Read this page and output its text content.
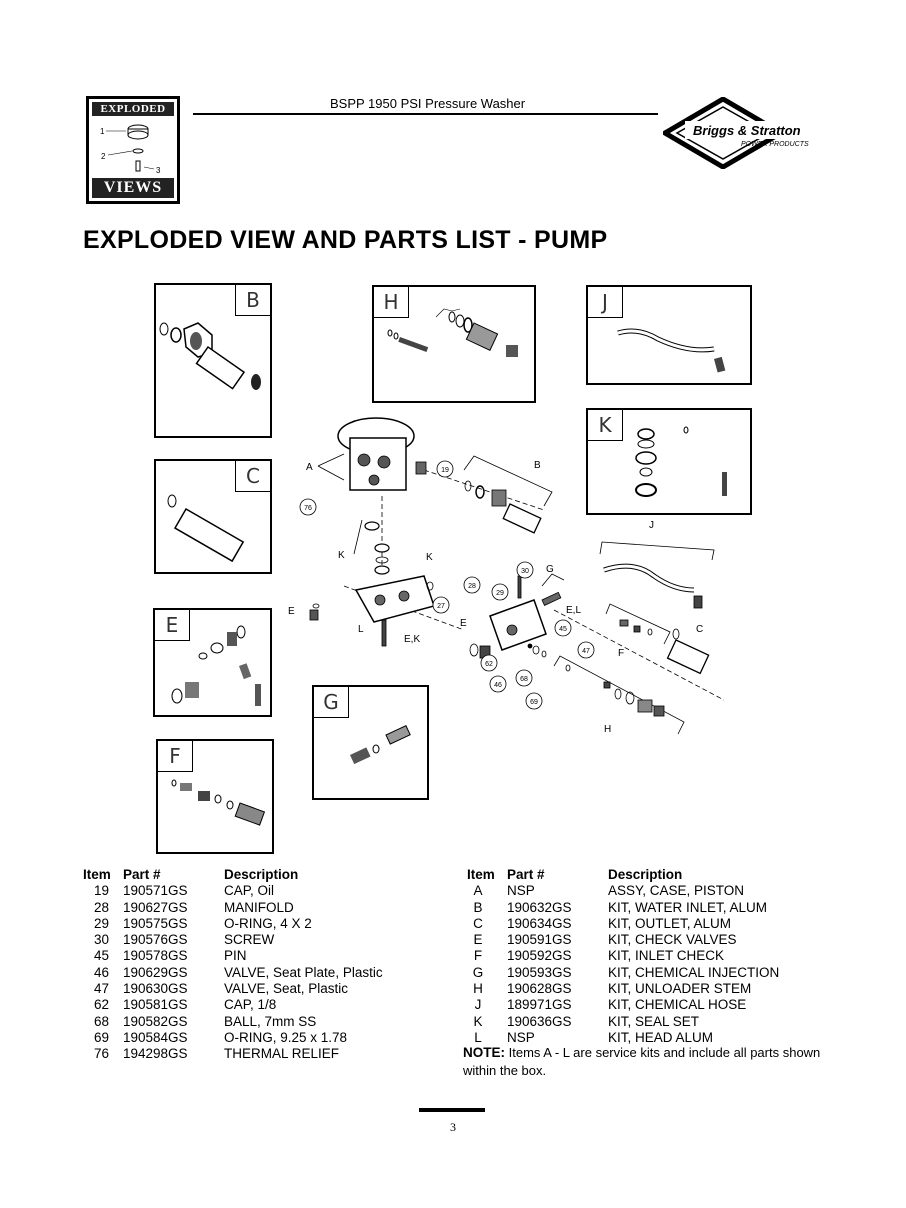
EXPLODED
1
2
3
VIEWS
BSPP 1950 PSI Pressure Washer
Briggs & Stratton
POWER PRODUCTS
EXPLODED VIEW AND PARTS LIST - PUMP
B	H	J
K
C
E
G
F
19
76
27
28
29
30
45
46
47
62
68
69
A	B
J
K	K
C
E
E
F
G
H
L
E,L
E,K
Item Part #	Description
19 190571GS	CAP, Oil
28 190627GS	MANIFOLD
29 190575GS	O-RING, 4 X 2
30 190576GS	SCREW
45 190578GS	PIN
46 190629GS	VALVE, Seat Plate, Plastic
47 190630GS	VALVE, Seat, Plastic
62 190581GS	CAP, 1/8
68 190582GS	BALL, 7mm SS
69 190584GS	O-RING, 9.25 x 1.78
76 194298GS	THERMAL RELIEF
Item Part #	Description
A	NSP	ASSY, CASE, PISTON
B	190632GS	KIT, WATER INLET, ALUM
C	190634GS	KIT, OUTLET, ALUM
E	190591GS	KIT, CHECK VALVES
F	190592GS	KIT, INLET CHECK
G	190593GS	KIT, CHEMICAL INJECTION
H	190628GS	KIT, UNLOADER STEM
J	189971GS	KIT, CHEMICAL HOSE
K	190636GS	KIT, SEAL SET
L	NSP	KIT, HEAD ALUM
NOTE: Items A - L are service kits and include all parts shown within the box.
3
